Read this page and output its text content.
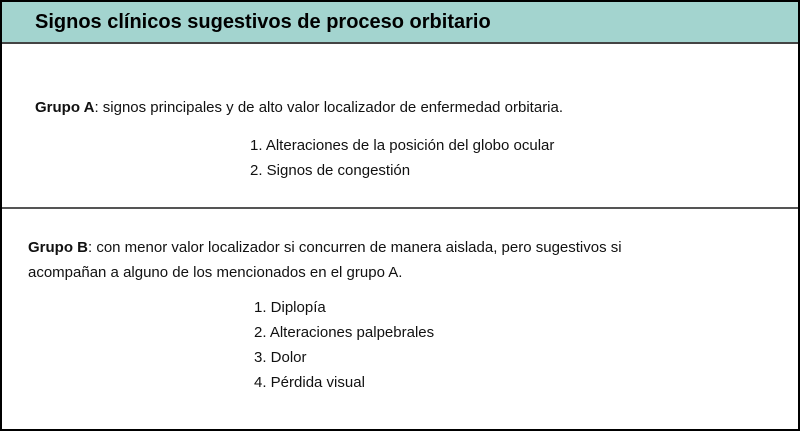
Signos clínicos sugestivos de proceso orbitario
Grupo A: signos principales y de alto valor localizador de enfermedad orbitaria.
1. Alteraciones de la posición del globo ocular
2. Signos de congestión
Grupo B: con menor valor localizador si concurren de manera aislada, pero sugestivos si
acompañan a alguno de los mencionados en el grupo A.
1. Diplopía
2. Alteraciones palpebrales
3. Dolor
4. Pérdida visual
